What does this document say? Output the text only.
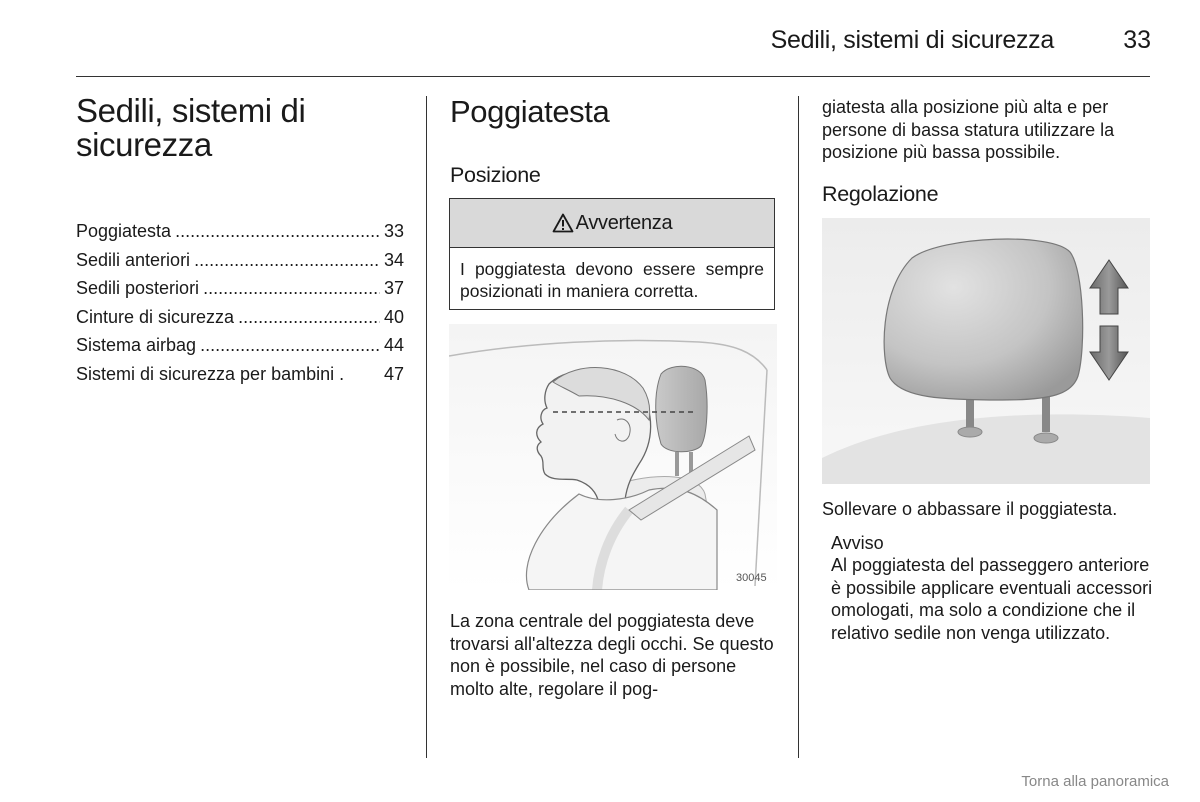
Sedili, sistemi di sicurezza	33
Sedili, sistemi di sicurezza
Poggiatesta .....	33
Sedili anteriori .....	34
Sedili posteriori .....	37
Cinture di sicurezza .....	40
Sistema airbag .....	44
Sistemi di sicurezza per bambini . 47
Poggiatesta
Posizione
Avvertenza
I poggiatesta devono essere sempre posizionati in maniera corretta.
30045
La zona centrale del poggiatesta deve trovarsi all'altezza degli occhi. Se questo non è possibile, nel caso di persone molto alte, regolare il pog-
giatesta alla posizione più alta e per persone di bassa statura utilizzare la posizione più bassa possibile.
Regolazione
Sollevare o abbassare il poggiatesta.
Avviso
Al poggiatesta del passeggero anteriore è possibile applicare eventuali accessori omologati, ma solo a condizione che il relativo sedile non venga utilizzato.
Torna alla panoramica
